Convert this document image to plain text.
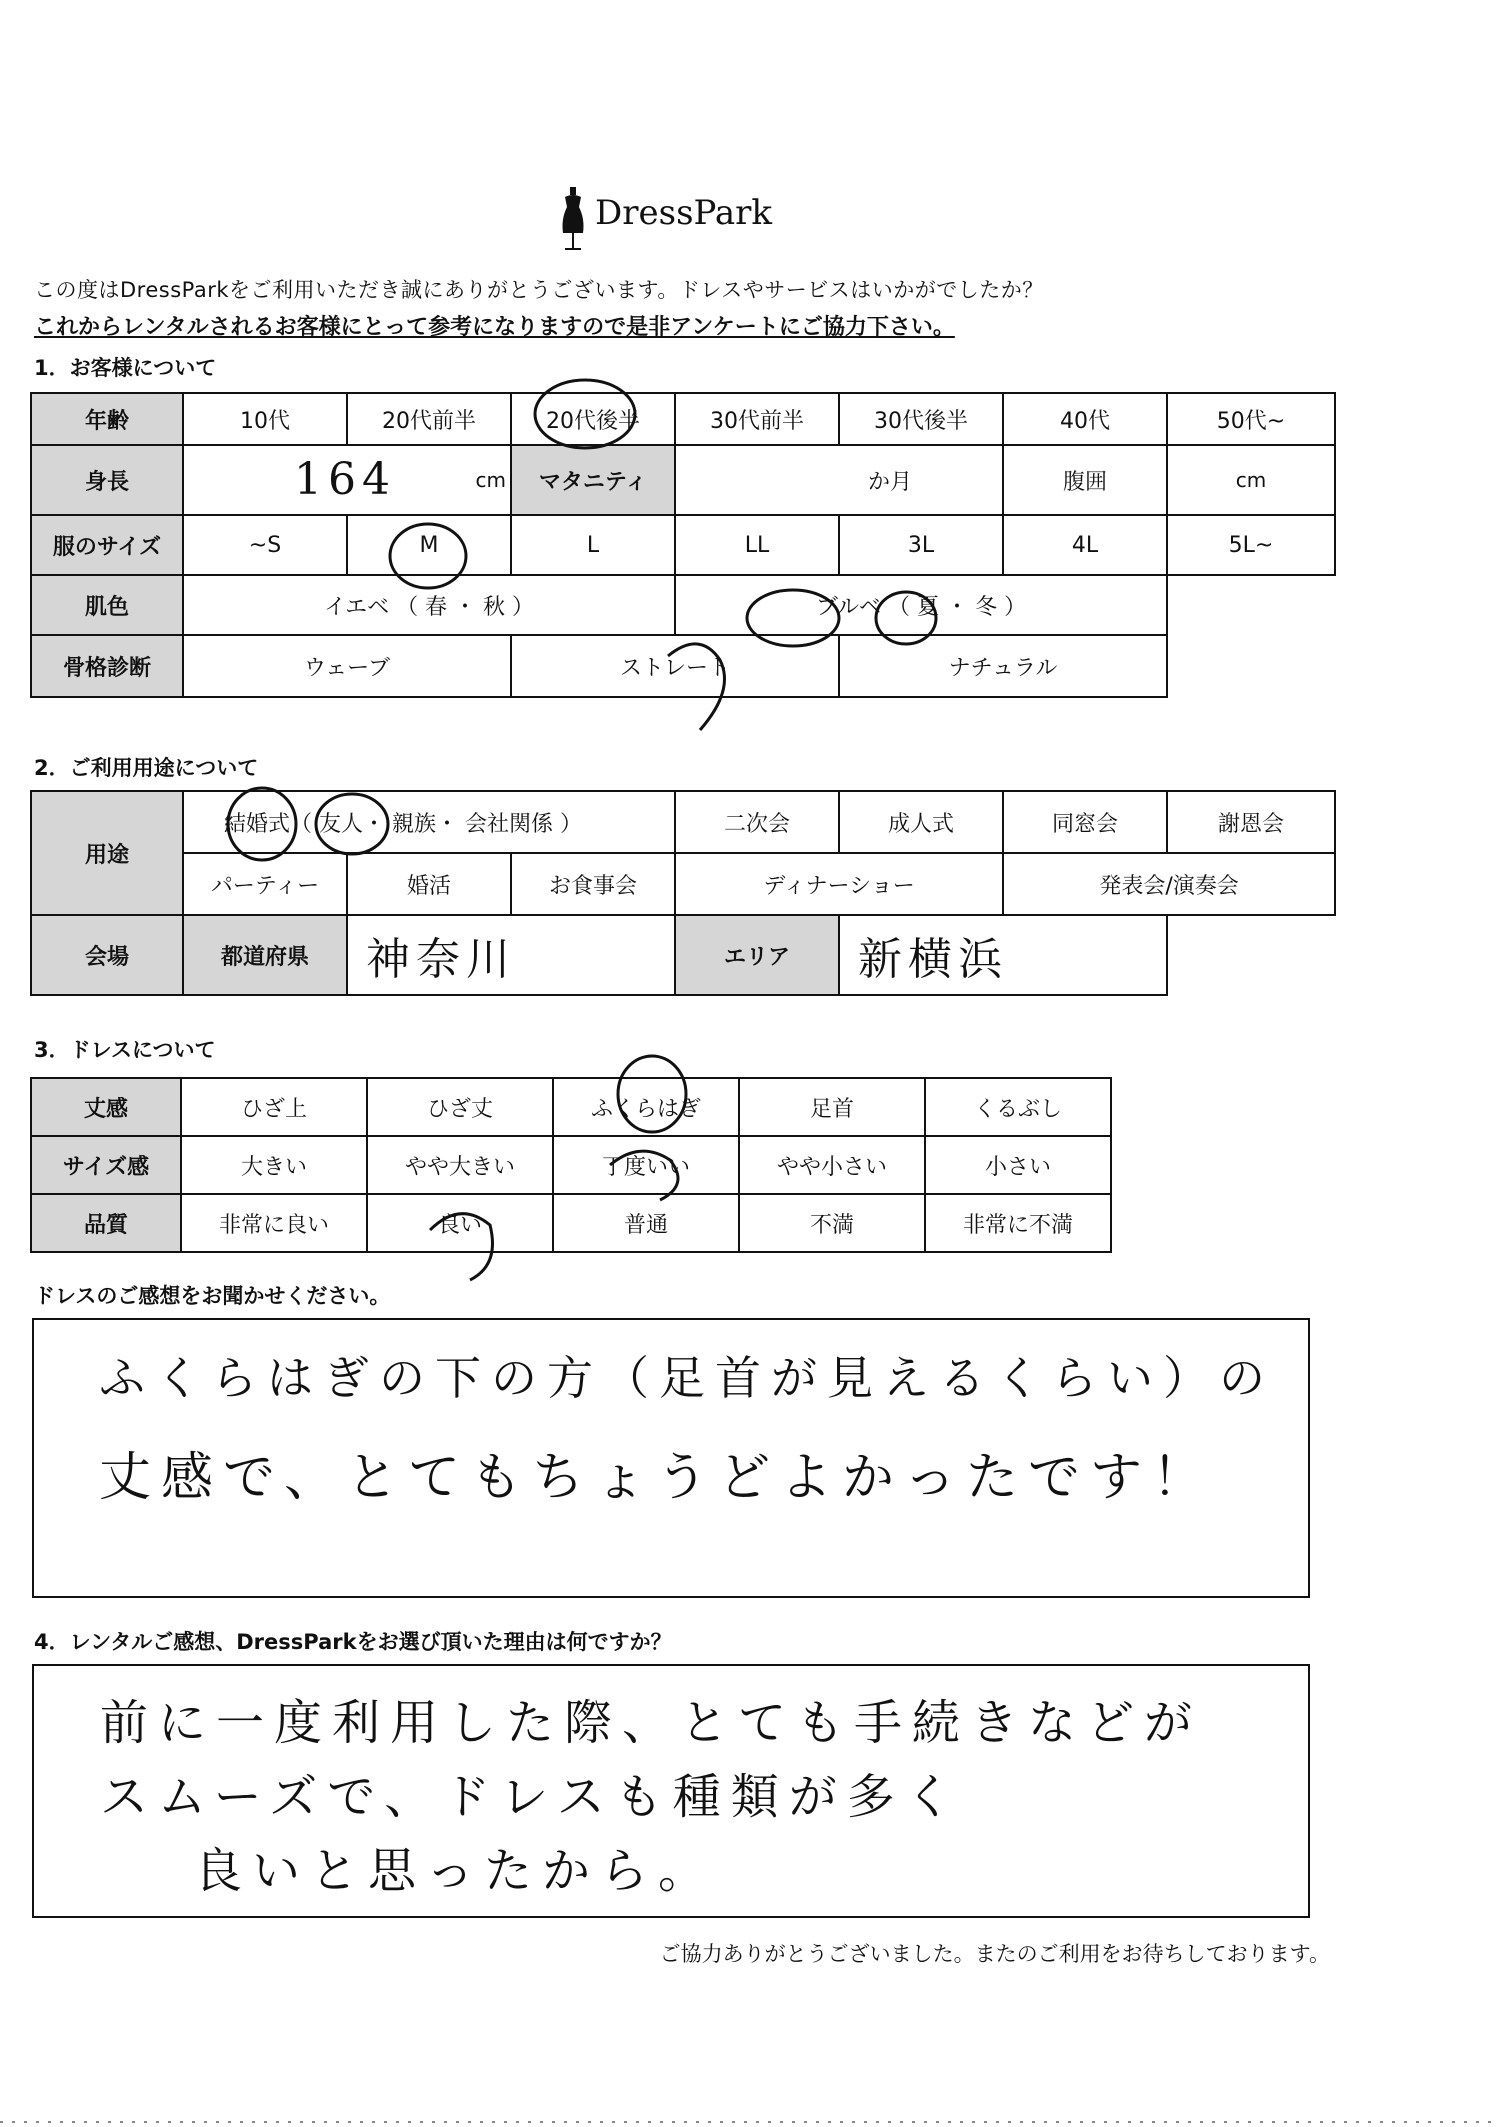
DressPark
この度はDressParkをご利用いただき誠にありがとうございます。ドレスやサービスはいかがでしたか？
これからレンタルされるお客様にとって参考になりますので是非アンケートにご協力下さい。
1．お客様について
年齢	10代	20代前半	20代後半	30代前半	30代後半	40代	50代~
身長	164 cm		マタニティ	か月		腹囲	cm
服のサイズ	~S	M	L	LL	3L	4L	5L~
肌色	イエベ （ 春 ・ 秋 ）			ブルベ （ 夏 ・ 冬 ）			
骨格診断	ウェーブ		ストレート		ナチュラル		
2．ご利用用途について
用途	結婚式（ 友人・ 親族・ 会社関係 ）			二次会	成人式	同窓会	謝恩会
	パーティー	婚活	お食事会	ディナーショー		発表会/演奏会	
会場	都道府県	神奈川		エリア	新横浜		
3．ドレスについて
丈感	ひざ上	ひざ丈	ふくらはぎ	足首	くるぶし
サイズ感	大きい	やや大きい	丁度いい	やや小さい	小さい
品質	非常に良い	良い	普通	不満	非常に不満
ドレスのご感想をお聞かせください。
ふくらはぎの下の方（足首が見えるくらい）の
丈感で、とてもちょうどよかったです！
4．レンタルご感想、DressParkをお選び頂いた理由は何ですか？
前に一度利用した際、とても手続きなどが
スムーズで、ドレスも種類が多く
良いと思ったから。
ご協力ありがとうございました。またのご利用をお待ちしております。
